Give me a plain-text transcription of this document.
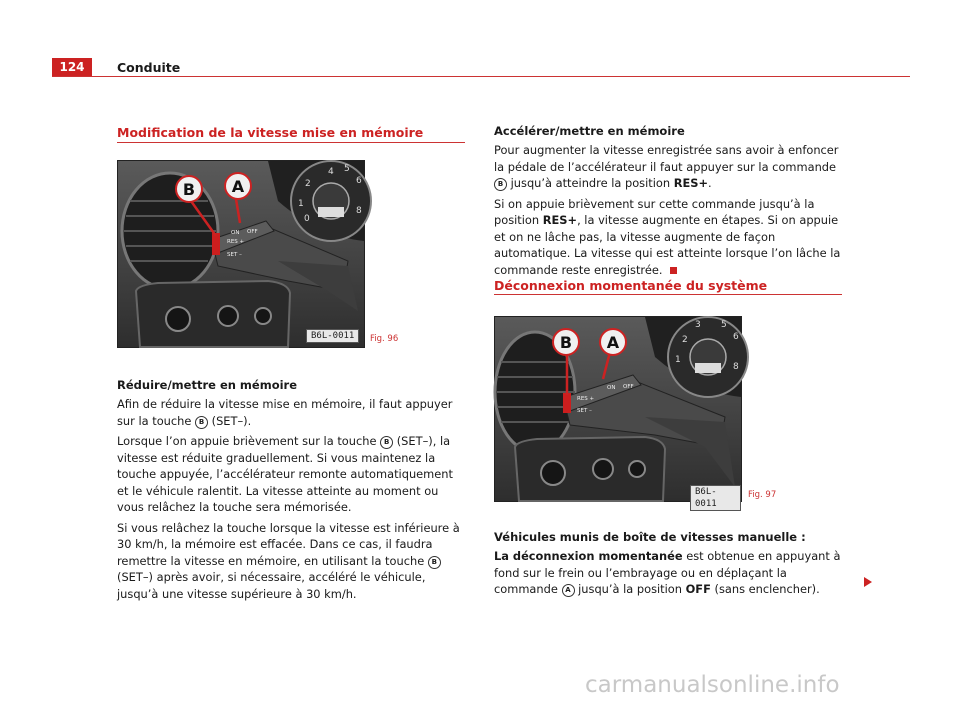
124	Conduite
Modification de la vitesse mise en mémoire
2
4 5
6
1
0
8
RES +
SET –
ON OFF
B A
B6L-0011	Fig. 96
Réduire/mettre en mémoire

Afin de réduire la vitesse mise en mémoire, il faut appuyer sur la touche B (SET–).

Lorsque l’on appuie brièvement sur la touche B (SET–), la vitesse est réduite graduellement. Si vous maintenez la touche appuyée, l’accélérateur remonte automatiquement et le véhicule ralentit. La vitesse atteinte au moment ou vous relâchez la touche sera mémorisée.

Si vous relâchez la touche lorsque la vitesse est inférieure à 30 km/h, la mémoire est effacée. Dans ce cas, il faudra remettre la vitesse en mémoire, en utilisant la touche B (SET–) après avoir, si nécessaire, accéléré le véhicule, jusqu’à une vitesse supérieure à 30 km/h.

Accélérer/mettre en mémoire

Pour augmenter la vitesse enregistrée sans avoir à enfoncer la pédale de l’accélérateur il faut appuyer sur la commande B jusqu’à atteindre la position RES+.

Si on appuie brièvement sur cette commande jusqu’à la position RES+, la vitesse augmente en étapes. Si on appuie et on ne lâche pas, la vitesse augmente de façon automatique. La vitesse qui est atteinte lorsque l’on lâche la commande reste enregistrée.

Déconnexion momentanée du système
2
3 5
6
1
8
RES +
SET –
ON OFF
B A
B6L-0011
Fig. 97
Véhicules munis de boîte de vitesses manuelle :

La déconnexion momentanée est obtenue en appuyant à fond sur le frein ou l’embrayage ou en déplaçant la commande A jusqu’à la position OFF (sans enclencher).

carmanualsonline.info
